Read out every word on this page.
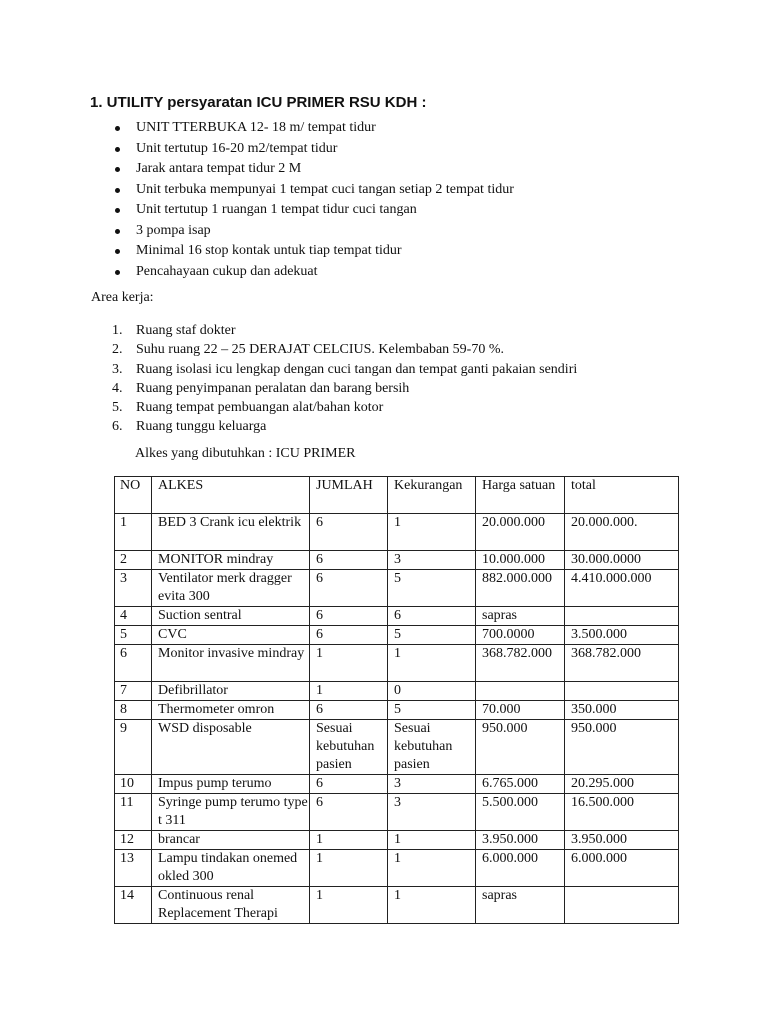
1. UTILITY persyaratan ICU PRIMER RSU KDH :
UNIT TTERBUKA 12- 18 m/ tempat tidur
Unit tertutup 16-20 m2/tempat tidur
Jarak antara tempat tidur 2 M
Unit terbuka mempunyai 1 tempat cuci tangan setiap 2 tempat tidur
Unit tertutup 1 ruangan 1 tempat tidur cuci tangan
3 pompa isap
Minimal 16 stop kontak untuk tiap tempat tidur
Pencahayaan cukup dan adekuat
Area kerja:
1. Ruang staf dokter
2. Suhu ruang 22 – 25 DERAJAT CELCIUS. Kelembaban 59-70 %.
3. Ruang isolasi icu lengkap dengan cuci tangan dan tempat ganti pakaian sendiri
4. Ruang penyimpanan peralatan dan barang bersih
5. Ruang tempat pembuangan alat/bahan kotor
6. Ruang tunggu keluarga
Alkes yang dibutuhkan : ICU PRIMER
NO	ALKES	JUMLAH	Kekurangan	Harga satuan	total
1	BED 3 Crank icu elektrik	6	1	20.000.000	20.000.000.
2	MONITOR mindray	6	3	10.000.000	30.000.0000
3	Ventilator merk dragger evita 300	6	5	882.000.000	4.410.000.000
4	Suction sentral	6	6	sapras	
5	CVC	6	5	700.0000	3.500.000
6	Monitor invasive mindray	1	1	368.782.000	368.782.000
7	Defibrillator	1	0		
8	Thermometer omron	6	5	70.000	350.000
9	WSD disposable	Sesuai kebutuhan pasien	Sesuai kebutuhan pasien	950.000	950.000
10	Impus pump terumo	6	3	6.765.000	20.295.000
11	Syringe pump terumo type t 311	6	3	5.500.000	16.500.000
12	brancar	1	1	3.950.000	3.950.000
13	Lampu tindakan onemed okled 300	1	1	6.000.000	6.000.000
14	Continuous renal Replacement Therapi	1	1	sapras	
